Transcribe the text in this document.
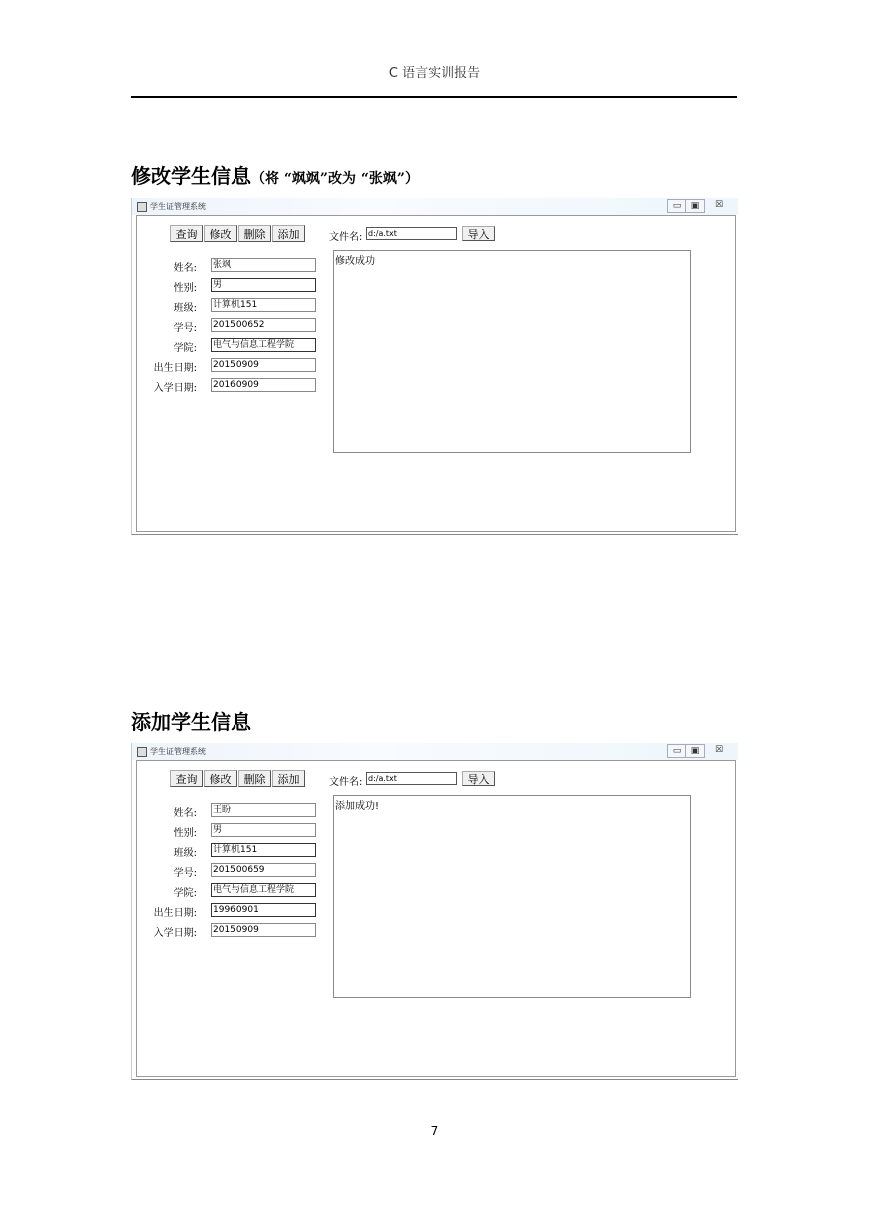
C 语言实训报告
修改学生信息（将 “飒飒”改为 “张飒”）
学生证管理系统	▭	▣	☒
查询	修改	删除	添加	文件名: d:/a.txt	导入
姓名: 张飒
性别: 男
班级: 计算机151
学号: 201500652
学院: 电气与信息工程学院
出生日期: 20150909
入学日期: 20160909
修改成功
添加学生信息
学生证管理系统	▭	▣	☒
查询	修改	删除	添加	文件名: d:/a.txt	导入
姓名: 王盼
性别: 男
班级: 计算机151
学号: 201500659
学院: 电气与信息工程学院
出生日期: 19960901
入学日期: 20150909
添加成功!
7
